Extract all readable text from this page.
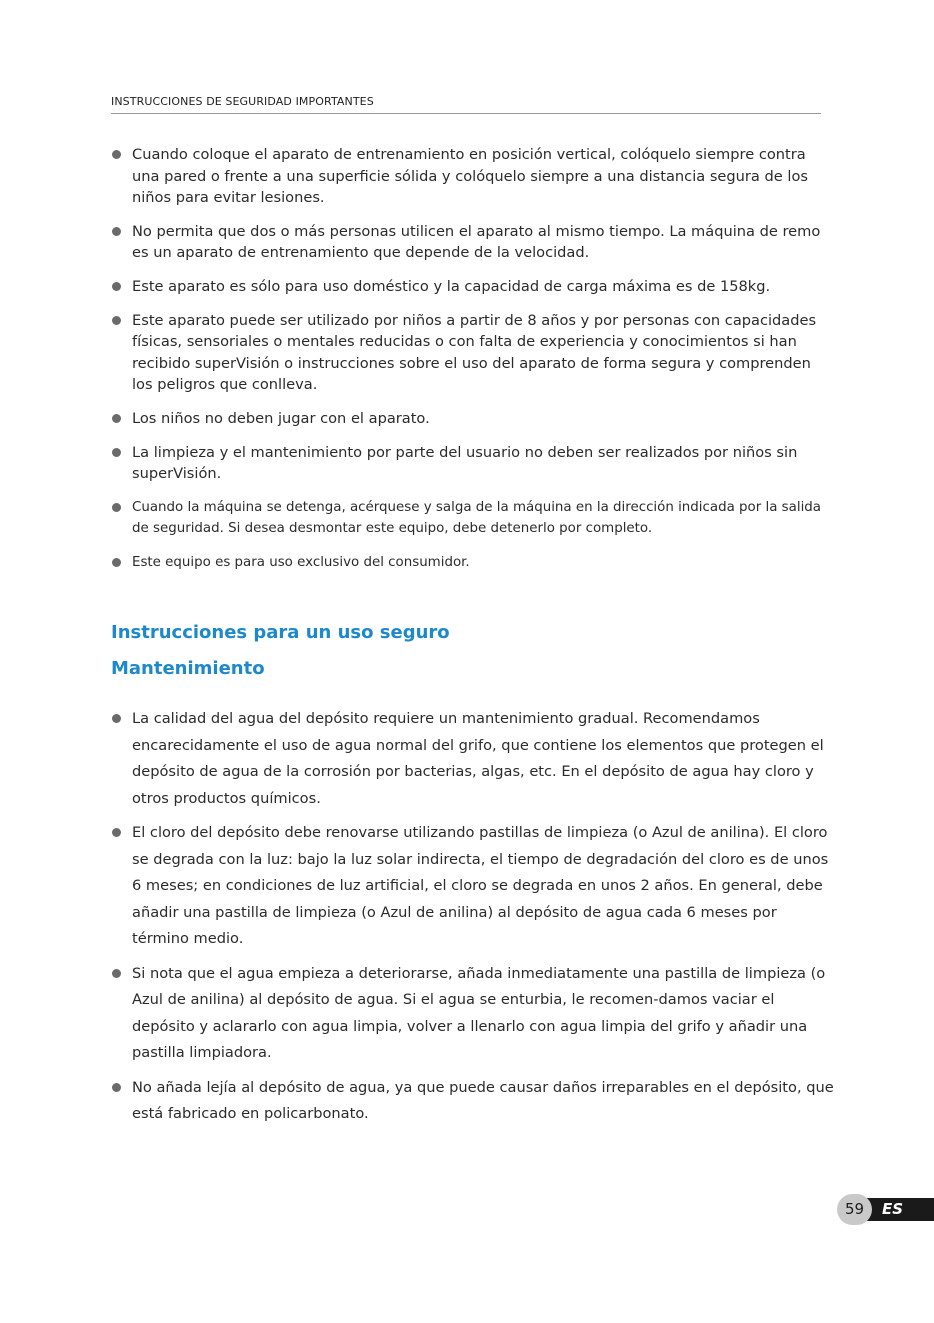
INSTRUCCIONES DE SEGURIDAD IMPORTANTES
Cuando coloque el aparato de entrenamiento en posición vertical, colóquelo siempre contra una pared o frente a una superficie sólida y colóquelo siempre a una distancia segura de los niños para evitar lesiones.
No permita que dos o más personas utilicen el aparato al mismo tiempo. La máquina de remo es un aparato de entrenamiento que depende de la velocidad.
Este aparato es sólo para uso doméstico y la capacidad de carga máxima es de 158kg.
Este aparato puede ser utilizado por niños a partir de 8 años y por personas con capacidades físicas, sensoriales o mentales reducidas o con falta de experiencia y conocimientos si han recibido superVisión o instrucciones sobre el uso del aparato de forma segura y comprenden los peligros que conlleva.
Los niños no deben jugar con el aparato.
La limpieza y el mantenimiento por parte del usuario no deben ser realizados por niños sin superVisión.
Cuando la máquina se detenga, acérquese y salga de la máquina en la dirección indicada por la salida de seguridad. Si desea desmontar este equipo, debe detenerlo por completo.
Este equipo es para uso exclusivo del consumidor.
Instrucciones para un uso seguro
Mantenimiento
La calidad del agua del depósito requiere un mantenimiento gradual. Recomendamos encarecidamente el uso de agua normal del grifo, que contiene los elementos que protegen el depósito de agua de la corrosión por bacterias, algas, etc. En el depósito de agua hay cloro y otros productos químicos.
El cloro del depósito debe renovarse utilizando pastillas de limpieza (o Azul de anilina). El cloro se degrada con la luz: bajo la luz solar indirecta, el tiempo de degradación del cloro es de unos 6 meses; en condiciones de luz artificial, el cloro se degrada en unos 2 años. En general, debe añadir una pastilla de limpieza (o Azul de anilina) al depósito de agua cada 6 meses por término medio.
Si nota que el agua empieza a deteriorarse, añada inmediatamente una pastilla de limpieza (o Azul de anilina) al depósito de agua. Si el agua se enturbia, le recomen-damos vaciar el depósito y aclararlo con agua limpia, volver a llenarlo con agua limpia del grifo y añadir una pastilla limpiadora.
No añada lejía al depósito de agua, ya que puede causar daños irreparables en el depósito, que está fabricado en policarbonato.
ES
59
